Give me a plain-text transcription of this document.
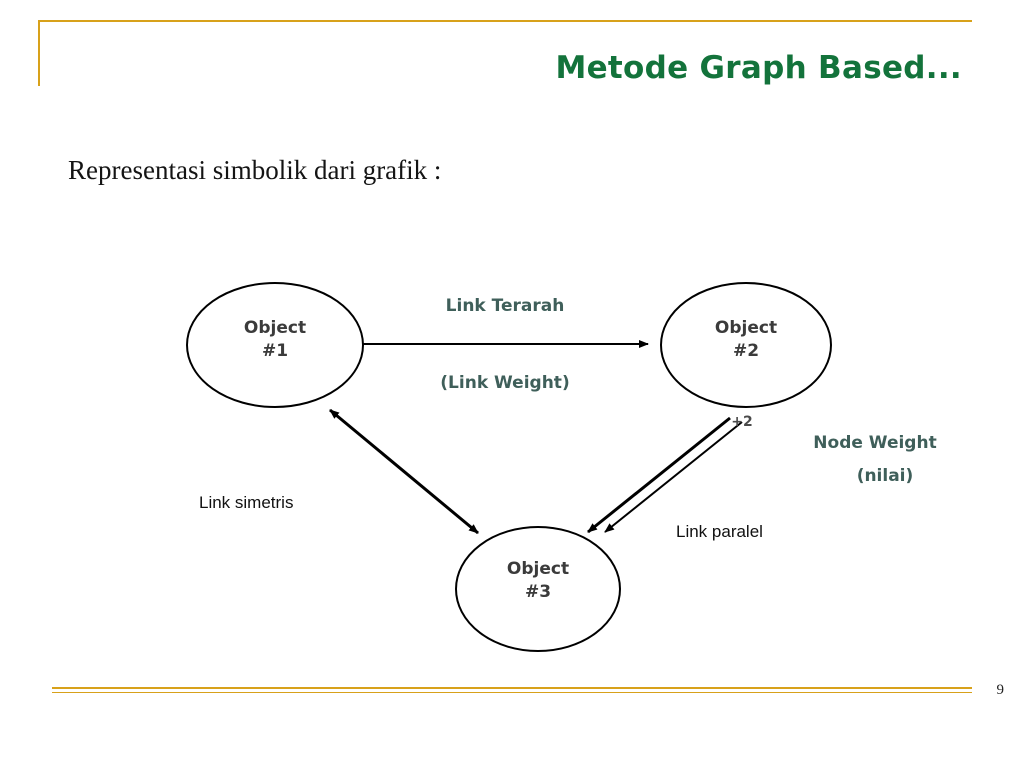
Metode Graph Based...
Representasi simbolik dari grafik :
Object
#1
Object
#2
Object
#3
Link Terarah
(Link Weight)
+2
Node Weight
(nilai)
Link simetris
Link paralel
9
